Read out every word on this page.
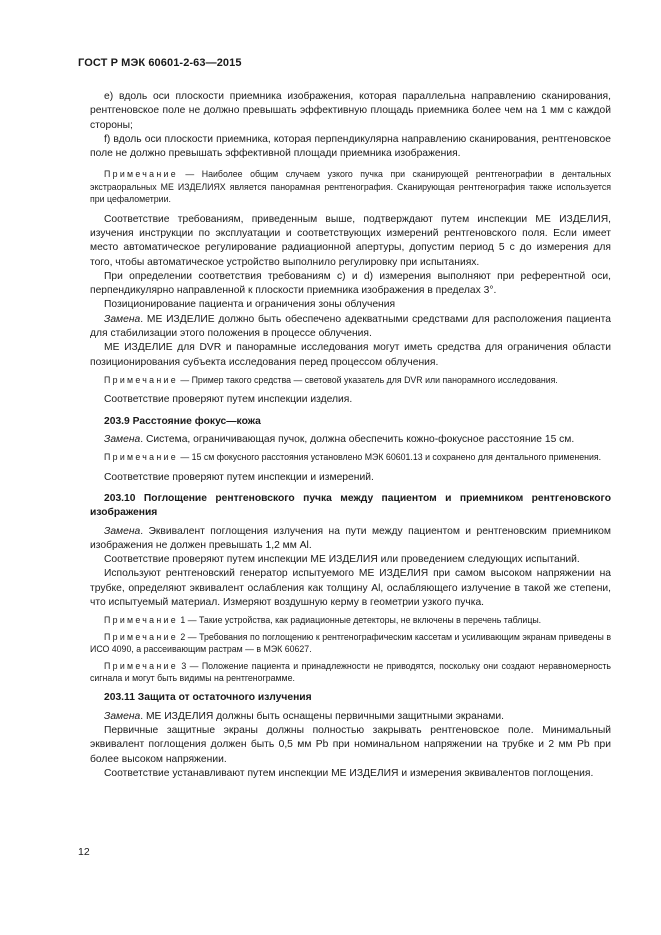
ГОСТ Р МЭК 60601-2-63—2015

е) вдоль оси плоскости приемника изображения, которая параллельна направлению сканирования, рентгеновское поле не должно превышать эффективную площадь приемника более чем на 1 мм с каждой стороны;

f) вдоль оси плоскости приемника, которая перпендикулярна направлению сканирования, рентгеновское поле не должно превышать эффективной площади приемника изображения.

Примечание — Наиболее общим случаем узкого пучка при сканирующей рентгенографии в дентальных экстраоральных МЕ ИЗДЕЛИЯХ является панорамная рентгенография. Сканирующая рентгенография также используется при цефалометрии.

Соответствие требованиям, приведенным выше, подтверждают путем инспекции МЕ ИЗДЕЛИЯ, изучения инструкции по эксплуатации и соответствующих измерений рентгеновского поля. Если имеет место автоматическое регулирование радиационной апертуры, допустим период 5 с до измерения для того, чтобы автоматическое устройство выполнило регулировку при испытаниях.

При определении соответствия требованиям с) и d) измерения выполняют при референтной оси, перпендикулярно направленной к плоскости приемника изображения в пределах 3°.

Позиционирование пациента и ограничения зоны облучения

Замена. МЕ ИЗДЕЛИЕ должно быть обеспечено адекватными средствами для расположения пациента для стабилизации этого положения в процессе облучения.

МЕ ИЗДЕЛИЕ для DVR и панорамные исследования могут иметь средства для ограничения области позиционирования субъекта исследования перед процессом облучения.

Примечание — Пример такого средства — световой указатель для DVR или панорамного исследования.

Соответствие проверяют путем инспекции изделия.

203.9 Расстояние фокус—кожа

Замена. Система, ограничивающая пучок, должна обеспечить кожно-фокусное расстояние 15 см.

Примечание — 15 см фокусного расстояния установлено МЭК 60601.13 и сохранено для дентального применения.

Соответствие проверяют путем инспекции и измерений.

203.10 Поглощение рентгеновского пучка между пациентом и приемником рентгеновского изображения

Замена. Эквивалент поглощения излучения на пути между пациентом и рентгеновским приемником изображения не должен превышать 1,2 мм Al.

Соответствие проверяют путем инспекции МЕ ИЗДЕЛИЯ или проведением следующих испытаний.

Используют рентгеновский генератор испытуемого МЕ ИЗДЕЛИЯ при самом высоком напряжении на трубке, определяют эквивалент ослабления как толщину Al, ослабляющего излучение в такой же степени, что испытуемый материал. Измеряют воздушную керму в геометрии узкого пучка.

Примечание 1 — Такие устройства, как радиационные детекторы, не включены в перечень таблицы.

Примечание 2 — Требования по поглощению к рентгенографическим кассетам и усиливающим экранам приведены в ИСО 4090, а рассеивающим растрам — в МЭК 60627.

Примечание 3 — Положение пациента и принадлежности не приводятся, поскольку они создают неравномерность сигнала и могут быть видимы на рентгенограмме.

203.11 Защита от остаточного излучения

Замена. МЕ ИЗДЕЛИЯ должны быть оснащены первичными защитными экранами.

Первичные защитные экраны должны полностью закрывать рентгеновское поле. Минимальный эквивалент поглощения должен быть 0,5 мм Pb при номинальном напряжении на трубке и 2 мм Pb при более высоком напряжении.

Соответствие устанавливают путем инспекции МЕ ИЗДЕЛИЯ и измерения эквивалентов поглощения.

12
